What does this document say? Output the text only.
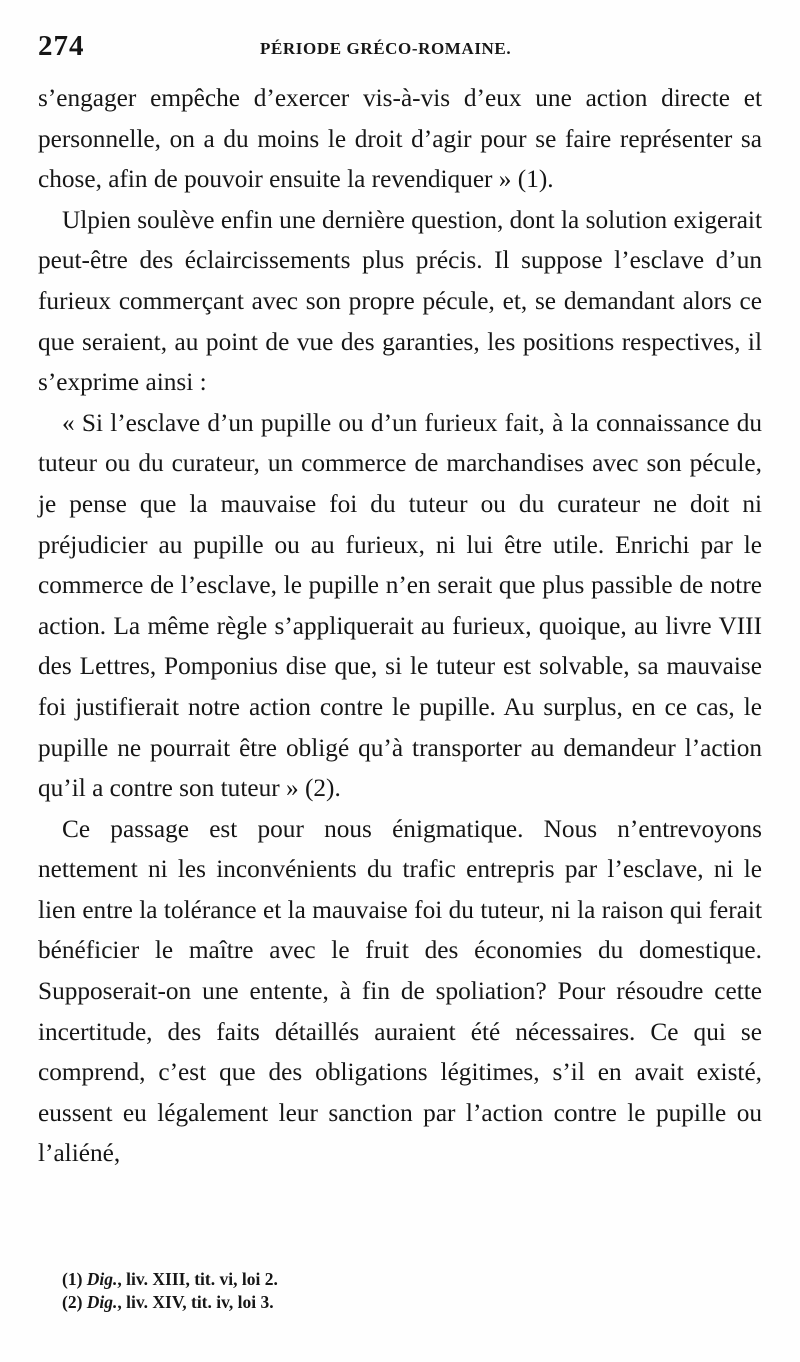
274	PÉRIODE GRÉCO-ROMAINE.

s’engager empêche d’exercer vis-à-vis d’eux une action directe et personnelle, on a du moins le droit d’agir pour se faire représenter sa chose, afin de pouvoir ensuite la revendiquer » (1).

Ulpien soulève enfin une dernière question, dont la solution exigerait peut-être des éclaircissements plus précis. Il suppose l’esclave d’un furieux commerçant avec son propre pécule, et, se demandant alors ce que seraient, au point de vue des garanties, les positions respectives, il s’exprime ainsi :

« Si l’esclave d’un pupille ou d’un furieux fait, à la connaissance du tuteur ou du curateur, un commerce de marchandises avec son pécule, je pense que la mauvaise foi du tuteur ou du curateur ne doit ni préjudicier au pupille ou au furieux, ni lui être utile. Enrichi par le commerce de l’esclave, le pupille n’en serait que plus passible de notre action. La même règle s’appliquerait au furieux, quoique, au livre VIII des Lettres, Pomponius dise que, si le tuteur est solvable, sa mauvaise foi justifierait notre action contre le pupille. Au surplus, en ce cas, le pupille ne pourrait être obligé qu’à transporter au demandeur l’action qu’il a contre son tuteur » (2).

Ce passage est pour nous énigmatique. Nous n’entrevoyons nettement ni les inconvénients du trafic entrepris par l’esclave, ni le lien entre la tolérance et la mauvaise foi du tuteur, ni la raison qui ferait bénéficier le maître avec le fruit des économies du domestique. Supposerait-on une entente, à fin de spoliation? Pour résoudre cette incertitude, des faits détaillés auraient été nécessaires. Ce qui se comprend, c’est que des obligations légitimes, s’il en avait existé, eussent eu légalement leur sanction par l’action contre le pupille ou l’aliéné,

(1) Dig., liv. XIII, tit. vi, loi 2.

(2) Dig., liv. XIV, tit. iv, loi 3.
